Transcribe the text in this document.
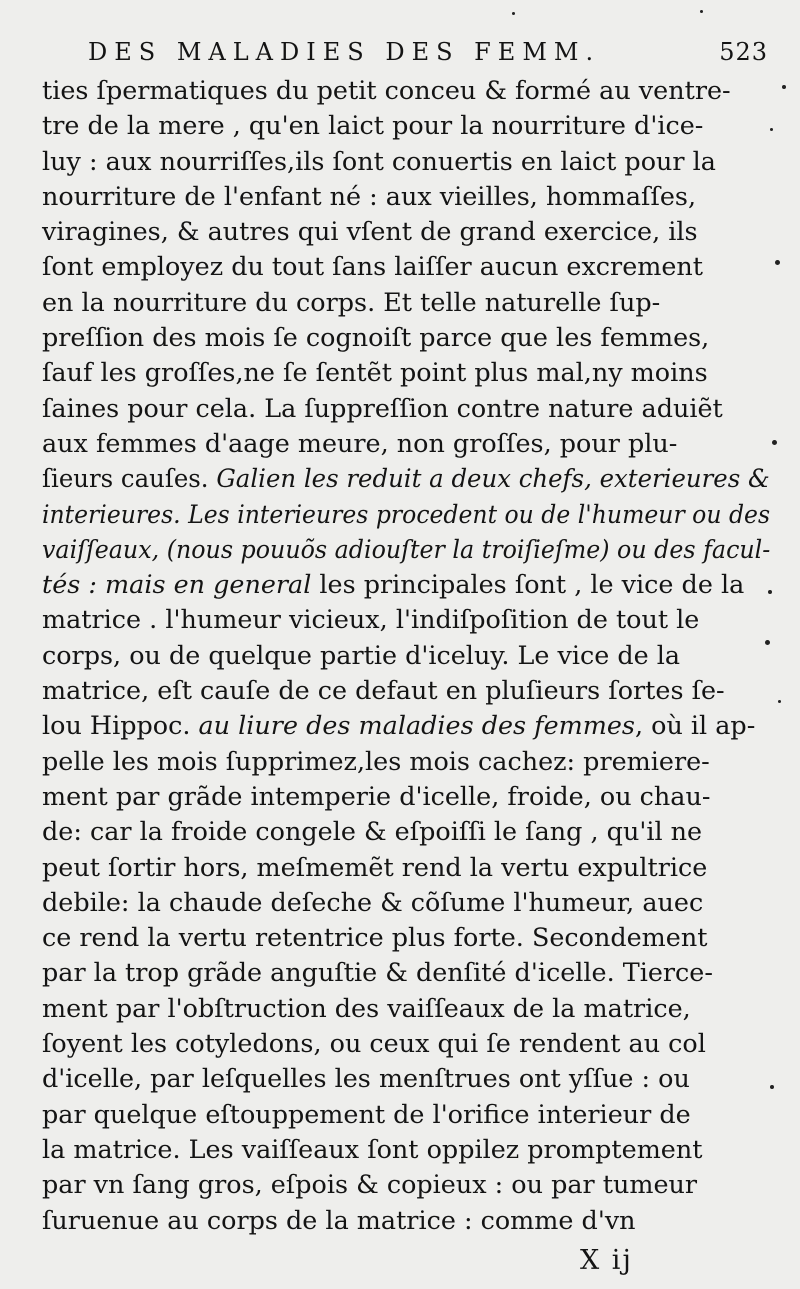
DES MALADIES DES FEMM.	523
ties ſpermatiques du petit conceu & formé au ventre-
tre de la mere , qu'en laict pour la nourriture d'ice-
luy : aux nourriſſes,ils ſont conuertis en laict pour la
nourriture de l'enfant né : aux vieilles, hommaſſes,
viragines, & autres qui vſent de grand exercice, ils
ſont employez du tout ſans laiſſer aucun excrement
en la nourriture du corps. Et telle naturelle ſup-
preſſion des mois ſe cognoiſt parce que les femmes,
ſauf les groſſes,ne ſe ſentẽt point plus mal,ny moins
ſaines pour cela. La ſuppreſſion contre nature aduiẽt
aux femmes d'aage meure, non groſſes, pour plu-
ſieurs cauſes. Galien les reduit a deux chefs, exterieures &
interieures. Les interieures procedent ou de l'humeur ou des
vaiſſeaux, (nous pouuõs adiouſter la troiſieſme) ou des facul-
tés : mais en general les principales ſont , le vice de la
matrice . l'humeur vicieux, l'indiſpoſition de tout le
corps, ou de quelque partie d'iceluy. Le vice de la
matrice, eſt cauſe de ce defaut en pluſieurs ſortes ſe-
lou Hippoc. au liure des maladies des femmes, où il ap-
pelle les mois ſupprimez,les mois cachez: premiere-
ment par grãde intemperie d'icelle, froide, ou chau-
de: car la froide congele & eſpoiſſi le ſang , qu'il ne
peut ſortir hors, meſmemẽt rend la vertu expultrice
debile: la chaude deſeche & cõſume l'humeur, auec
ce rend la vertu retentrice plus forte. Secondement
par la trop grãde anguſtie & denſité d'icelle. Tierce-
ment par l'obſtruction des vaiſſeaux de la matrice,
ſoyent les cotyledons, ou ceux qui ſe rendent au col
d'icelle, par leſquelles les menſtrues ont yſſue : ou
par quelque eſtouppement de l'orifice interieur de
la matrice. Les vaiſſeaux ſont oppilez promptement
par vn ſang gros, eſpois & copieux : ou par tumeur
ſuruenue au corps de la matrice : comme d'vn
X ij
